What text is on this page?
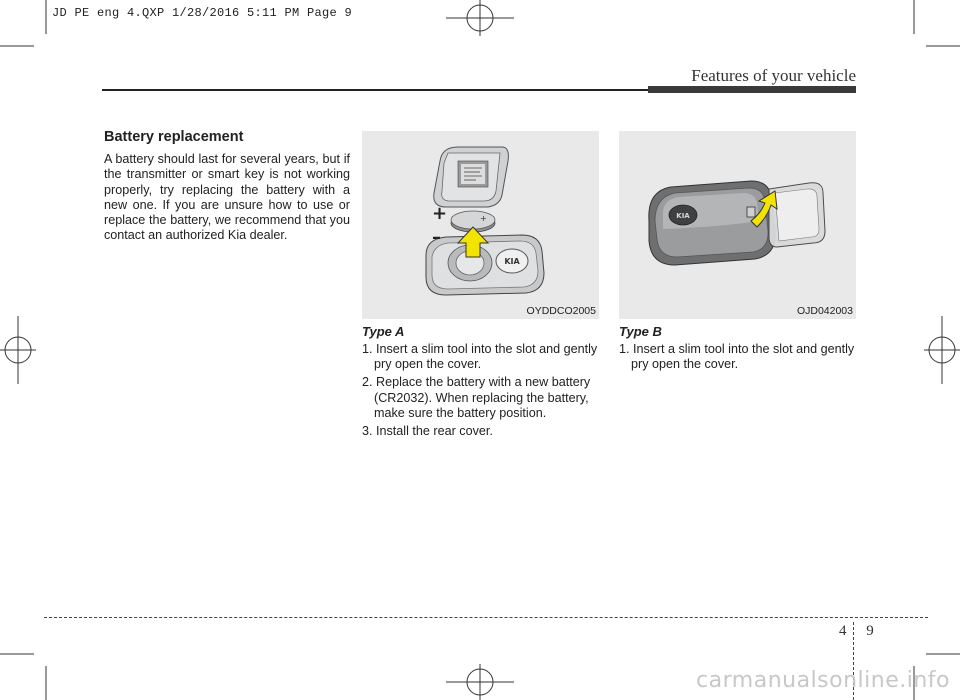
JD PE eng 4.QXP 1/28/2016 5:11 PM Page 9
Features of your vehicle
Battery replacement
A battery should last for several years, but if the transmitter or smart key is not working properly, try replacing the battery with a new one. If you are unsure how to use or replace the battery, we recommend that you contact an authorized Kia dealer.
+
KIA
+
–
OYDDCO2005
KIA
OJD042003
Type A
1. Insert a slim tool into the slot and gently pry open the cover.
2. Replace the battery with a new battery (CR2032). When replacing the battery, make sure the battery position.
3. Install the rear cover.
Type B
1. Insert a slim tool into the slot and gently pry open the cover.
4 9
carmanualsonline.info
